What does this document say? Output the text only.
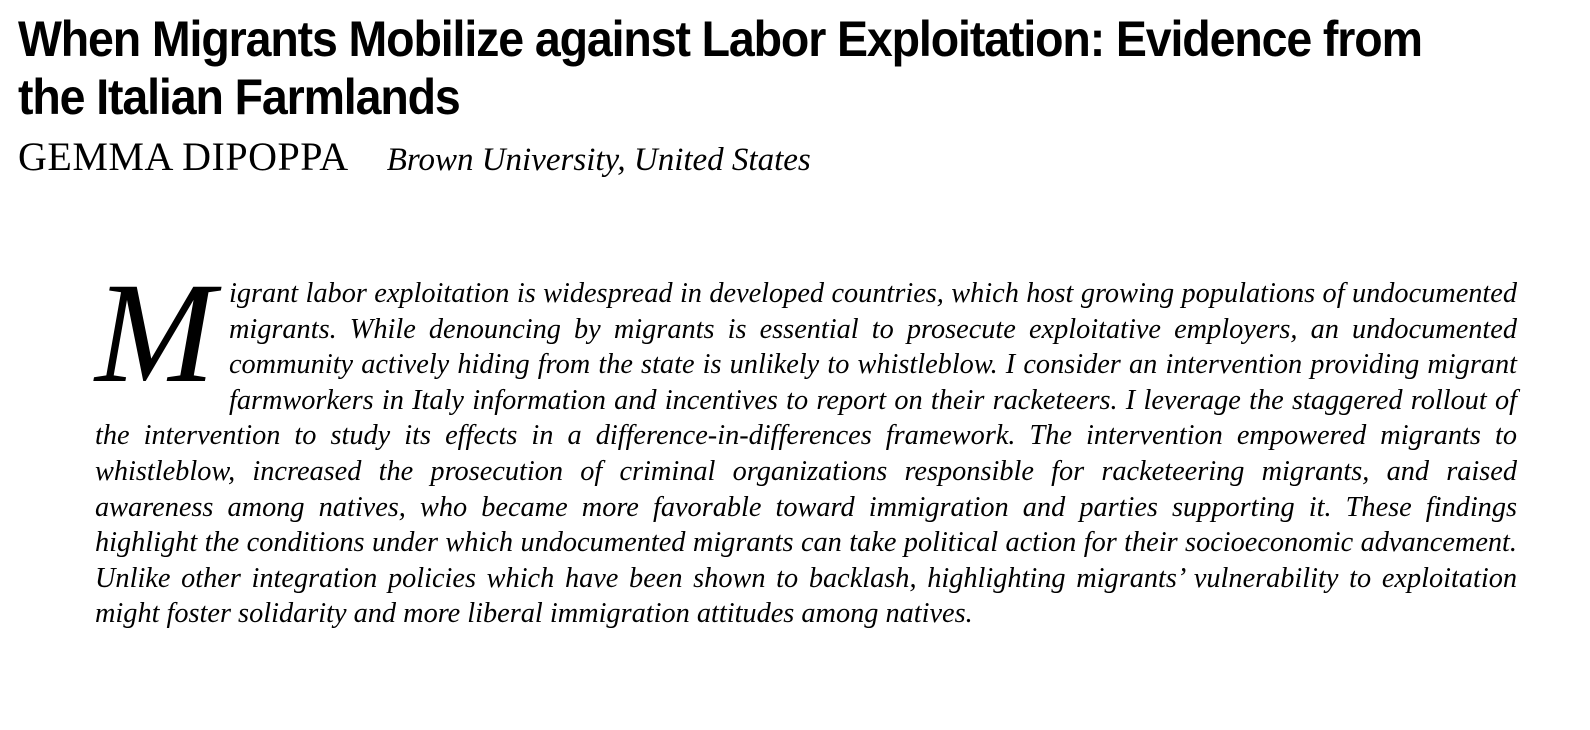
When Migrants Mobilize against Labor Exploitation: Evidence from the Italian Farmlands
GEMMA DIPOPPA Brown University, United States

Migrant labor exploitation is widespread in developed countries, which host growing populations of undocumented migrants. While denouncing by migrants is essential to prosecute exploitative employers, an undocumented community actively hiding from the state is unlikely to whistleblow. I consider an intervention providing migrant farmworkers in Italy information and incentives to report on their racketeers. I leverage the staggered rollout of the intervention to study its effects in a difference-in-differences framework. The intervention empowered migrants to whistleblow, increased the prosecution of criminal organizations responsible for racketeering migrants, and raised awareness among natives, who became more favorable toward immigration and parties supporting it. These findings highlight the conditions under which undocumented migrants can take political action for their socioeconomic advancement. Unlike other integration policies which have been shown to backlash, highlighting migrants’ vulnerability to exploitation might foster solidarity and more liberal immigration attitudes among natives.
